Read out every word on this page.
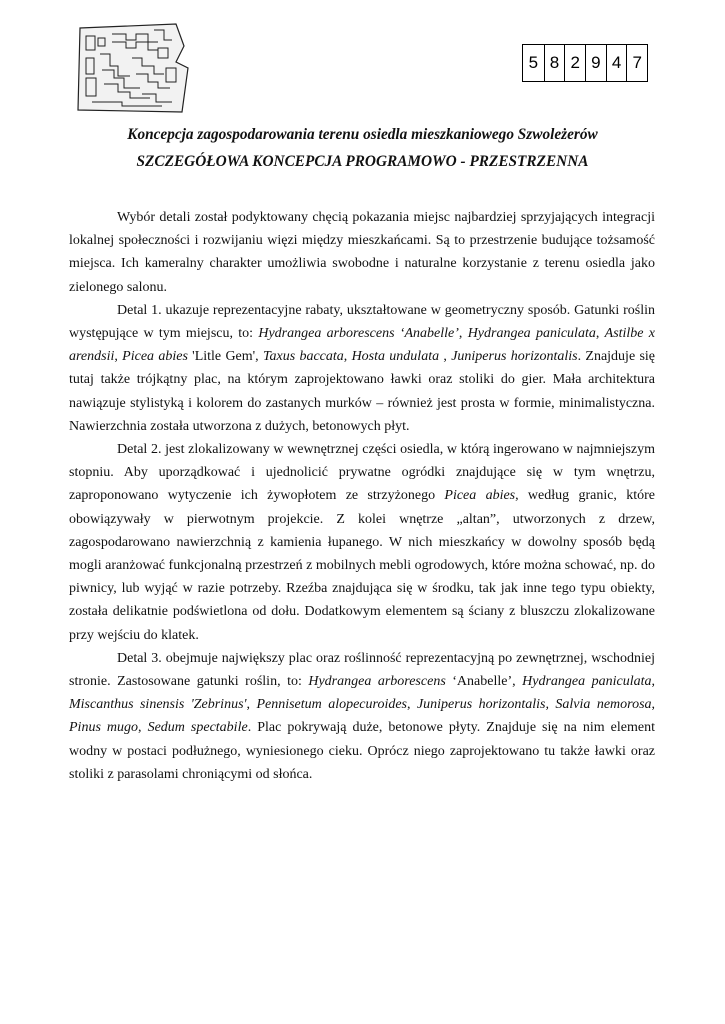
5 8 2 9 4 7
Koncepcja zagospodarowania terenu osiedla mieszkaniowego Szwoleżerów
SZCZEGÓŁOWA KONCEPCJA PROGRAMOWO - PRZESTRZENNA

Wybór detali został podyktowany chęcią pokazania miejsc najbardziej sprzyjających integracji lokalnej społeczności i rozwijaniu więzi między mieszkańcami. Są to przestrzenie budujące tożsamość miejsca. Ich kameralny charakter umożliwia swobodne i naturalne korzystanie z terenu osiedla jako zielonego salonu.

Detal 1. ukazuje reprezentacyjne rabaty, ukształtowane w geometryczny sposób. Gatunki roślin występujące w tym miejscu, to: Hydrangea arborescens ‘Anabelle’, Hydrangea paniculata, Astilbe x arendsii, Picea abies 'Litle Gem', Taxus baccata, Hosta undulata , Juniperus horizontalis. Znajduje się tutaj także trójkątny plac, na którym zaprojektowano ławki oraz stoliki do gier. Mała architektura nawiązuje stylistyką i kolorem do zastanych murków – również jest prosta w formie, minimalistyczna. Nawierzchnia została utworzona z dużych, betonowych płyt.

Detal 2. jest zlokalizowany w wewnętrznej części osiedla, w którą ingerowano w najmniejszym stopniu. Aby uporządkować i ujednolicić prywatne ogródki znajdujące się w tym wnętrzu, zaproponowano wytyczenie ich żywopłotem ze strzyżonego Picea abies, według granic, które obowiązywały w pierwotnym projekcie. Z kolei wnętrze „altan”, utworzonych z drzew, zagospodarowano nawierzchnią z kamienia łupanego. W nich mieszkańcy w dowolny sposób będą mogli aranżować funkcjonalną przestrzeń z mobilnych mebli ogrodowych, które można schować, np. do piwnicy, lub wyjąć w razie potrzeby. Rzeźba znajdująca się w środku, tak jak inne tego typu obiekty, została delikatnie podświetlona od dołu. Dodatkowym elementem są ściany z bluszczu zlokalizowane przy wejściu do klatek.

Detal 3. obejmuje największy plac oraz roślinność reprezentacyjną po zewnętrznej, wschodniej stronie. Zastosowane gatunki roślin, to: Hydrangea arborescens ‘Anabelle’, Hydrangea paniculata, Miscanthus sinensis 'Zebrinus', Pennisetum alopecuroides, Juniperus horizontalis, Salvia nemorosa, Pinus mugo, Sedum spectabile. Plac pokrywają duże, betonowe płyty. Znajduje się na nim element wodny w postaci podłużnego, wyniesionego cieku. Oprócz niego zaprojektowano tu także ławki oraz stoliki z parasolami chroniącymi od słońca.
